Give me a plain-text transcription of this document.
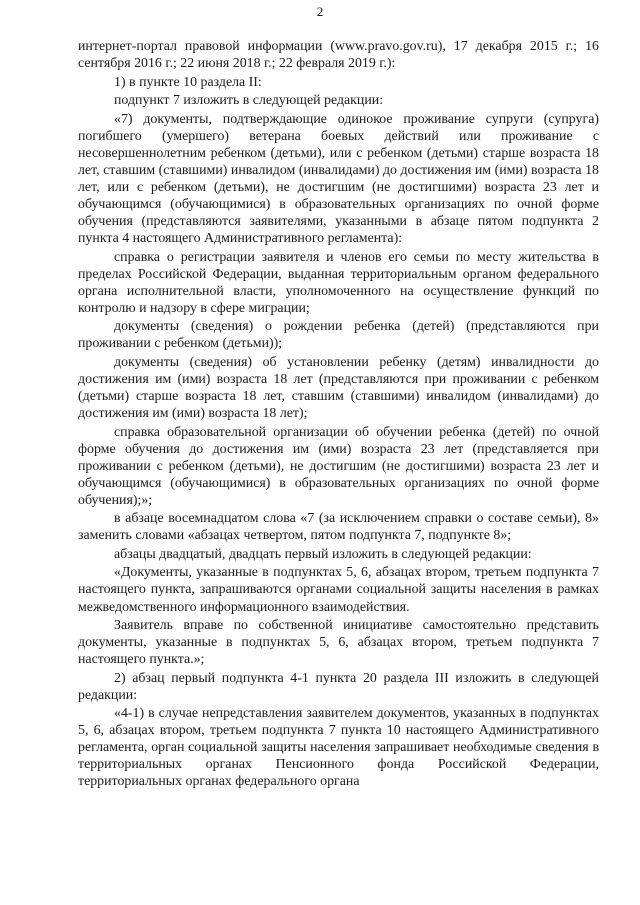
2

интернет-портал правовой информации (www.pravo.gov.ru), 17 декабря 2015 г.; 16 сентября 2016 г.; 22 июня 2018 г.; 22 февраля 2019 г.):

1) в пункте 10 раздела II:

подпункт 7 изложить в следующей редакции:

«7) документы, подтверждающие одинокое проживание супруги (супруга) погибшего (умершего) ветерана боевых действий или проживание с несовершеннолетним ребенком (детьми), или с ребенком (детьми) старше возраста 18 лет, ставшим (ставшими) инвалидом (инвалидами) до достижения им (ими) возраста 18 лет, или с ребенком (детьми), не достигшим (не достигшими) возраста 23 лет и обучающимся (обучающимися) в образовательных организациях по очной форме обучения (представляются заявителями, указанными в абзаце пятом подпункта 2 пункта 4 настоящего Административного регламента):

справка о регистрации заявителя и членов его семьи по месту жительства в пределах Российской Федерации, выданная территориальным органом федерального органа исполнительной власти, уполномоченного на осуществление функций по контролю и надзору в сфере миграции;

документы (сведения) о рождении ребенка (детей) (представляются при проживании с ребенком (детьми));

документы (сведения) об установлении ребенку (детям) инвалидности до достижения им (ими) возраста 18 лет (представляются при проживании с ребенком (детьми) старше возраста 18 лет, ставшим (ставшими) инвалидом (инвалидами) до достижения им (ими) возраста 18 лет);

справка образовательной организации об обучении ребенка (детей) по очной форме обучения до достижения им (ими) возраста 23 лет (представляется при проживании с ребенком (детьми), не достигшим (не достигшими) возраста 23 лет и обучающимся (обучающимися) в образовательных организациях по очной форме обучения);»;

в абзаце восемнадцатом слова «7 (за исключением справки о составе семьи), 8» заменить словами «абзацах четвертом, пятом подпункта 7, подпункте 8»;

абзацы двадцатый, двадцать первый изложить в следующей редакции:

«Документы, указанные в подпунктах 5, 6, абзацах втором, третьем подпункта 7 настоящего пункта, запрашиваются органами социальной защиты населения в рамках межведомственного информационного взаимодействия.

Заявитель вправе по собственной инициативе самостоятельно представить документы, указанные в подпунктах 5, 6, абзацах втором, третьем подпункта 7 настоящего пункта.»;

2) абзац первый подпункта 4-1 пункта 20 раздела III изложить в следующей редакции:

«4-1) в случае непредставления заявителем документов, указанных в подпунктах 5, 6, абзацах втором, третьем подпункта 7 пункта 10 настоящего Административного регламента, орган социальной защиты населения запрашивает необходимые сведения в территориальных органах Пенсионного фонда Российской Федерации, территориальных органах федерального органа
